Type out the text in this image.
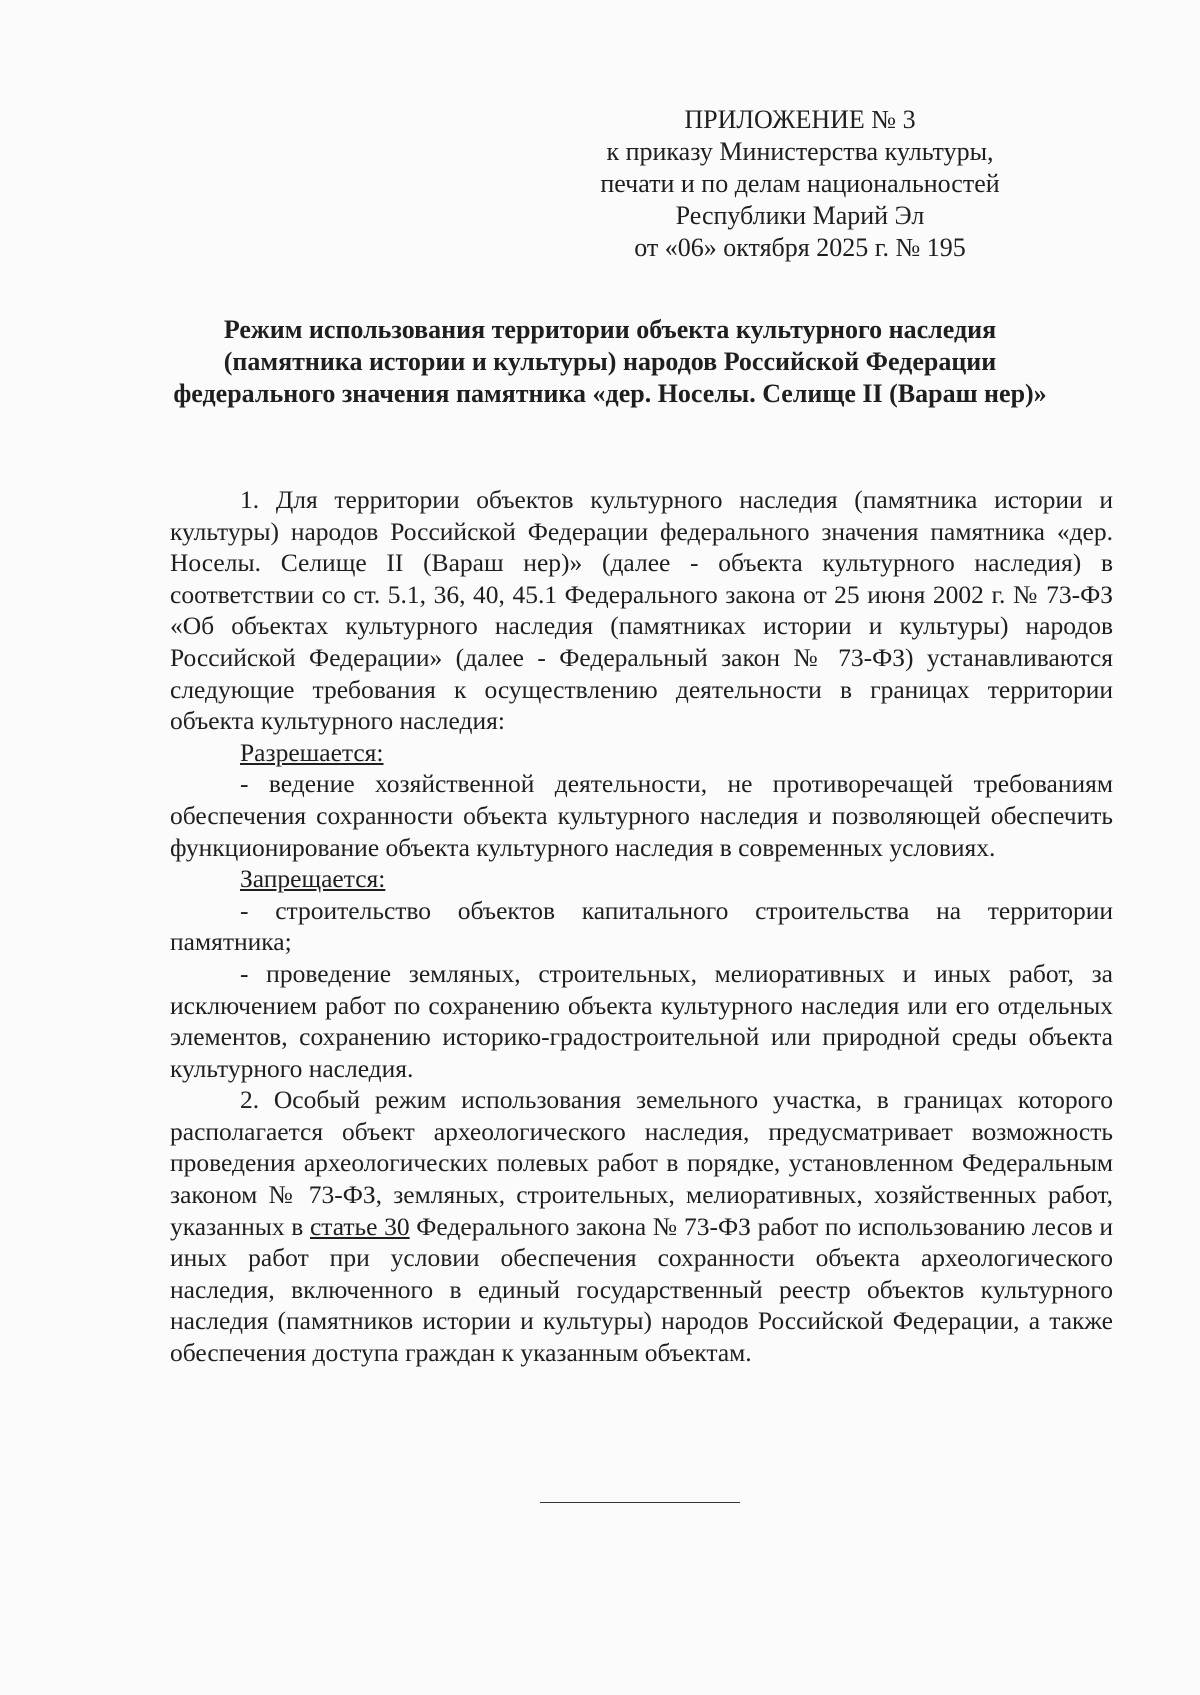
ПРИЛОЖЕНИЕ № 3
к приказу Министерства культуры,
печати и по делам национальностей
Республики Марий Эл
от «06» октября 2025 г. № 195
Режим использования территории объекта культурного наследия
(памятника истории и культуры) народов Российской Федерации
федерального значения памятника «дер. Носелы. Селище II (Вараш нер)»

1. Для территории объектов культурного наследия (памятника истории и культуры) народов Российской Федерации федерального значения памятника «дер. Носелы. Селище II (Вараш нер)» (далее - объекта культурного наследия) в соответствии со ст. 5.1, 36, 40, 45.1 Федерального закона от 25 июня 2002 г. № 73-ФЗ «Об объектах культурного наследия (памятниках истории и культуры) народов Российской Федерации» (далее - Федеральный закон № 73-ФЗ) устанавливаются следующие требования к осуществлению деятельности в границах территории объекта культурного наследия:

Разрешается:

- ведение хозяйственной деятельности, не противоречащей требованиям обеспечения сохранности объекта культурного наследия и позволяющей обеспечить функционирование объекта культурного наследия в современных условиях.

Запрещается:

- строительство объектов капитального строительства на территории памятника;

- проведение земляных, строительных, мелиоративных и иных работ, за исключением работ по сохранению объекта культурного наследия или его отдельных элементов, сохранению историко-градостроительной или природной среды объекта культурного наследия.

2. Особый режим использования земельного участка, в границах которого располагается объект археологического наследия, предусматривает возможность проведения археологических полевых работ в порядке, установленном Федеральным законом № 73-ФЗ, земляных, строительных, мелиоративных, хозяйственных работ, указанных в статье 30 Федерального закона № 73-ФЗ работ по использованию лесов и иных работ при условии обеспечения сохранности объекта археологического наследия, включенного в единый государственный реестр объектов культурного наследия (памятников истории и культуры) народов Российской Федерации, а также обеспечения доступа граждан к указанным объектам.
